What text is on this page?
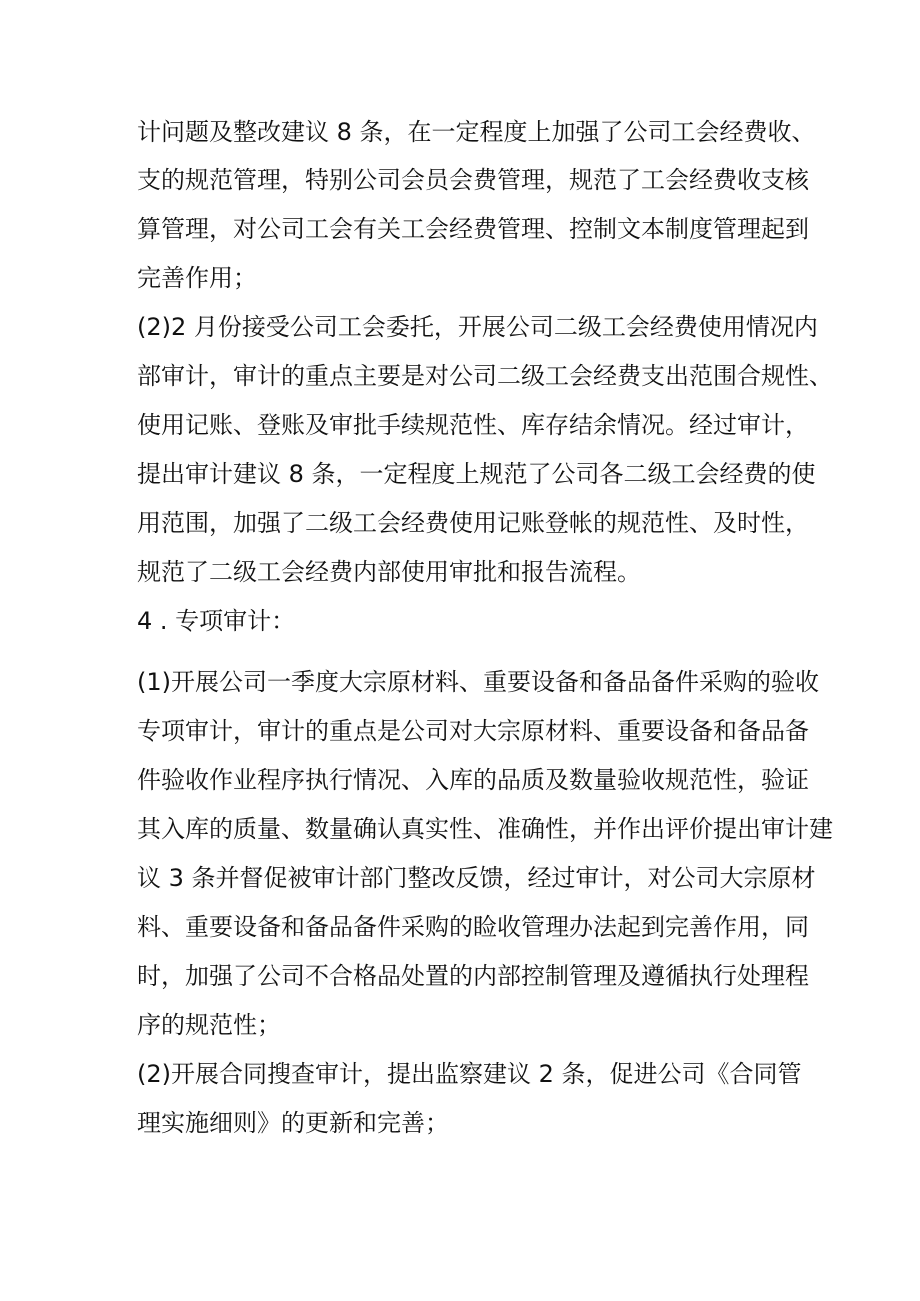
计问题及整改建议 8 条，在一定程度上加强了公司工会经费收、
支的规范管理，特别公司会员会费管理，规范了工会经费收支核
算管理，对公司工会有关工会经费管理、控制文本制度管理起到
完善作用；
(2)2 月份接受公司工会委托，开展公司二级工会经费使用情况内
部审计，审计的重点主要是对公司二级工会经费支出范围合规性、
使用记账、登账及审批手续规范性、库存结余情况。经过审计，
提出审计建议 8 条，一定程度上规范了公司各二级工会经费的使
用范围，加强了二级工会经费使用记账登帐的规范性、及时性，
规范了二级工会经费内部使用审批和报告流程。
4 . 专项审计：
(1)开展公司一季度大宗原材料、重要设备和备品备件采购的验收
专项审计，审计的重点是公司对大宗原材料、重要设备和备品备
件验收作业程序执行情况、入库的品质及数量验收规范性，验证
其入库的质量、数量确认真实性、准确性，并作出评价提出审计建
议 3 条并督促被审计部门整改反馈，经过审计，对公司大宗原材
料、重要设备和备品备件采购的睑收管理办法起到完善作用，同
时，加强了公司不合格品处置的内部控制管理及遵循执行处理程
序的规范性；
(2)开展合同搜查审计，提出监察建议 2 条，促进公司《合同管
理实施细则》的更新和完善；
